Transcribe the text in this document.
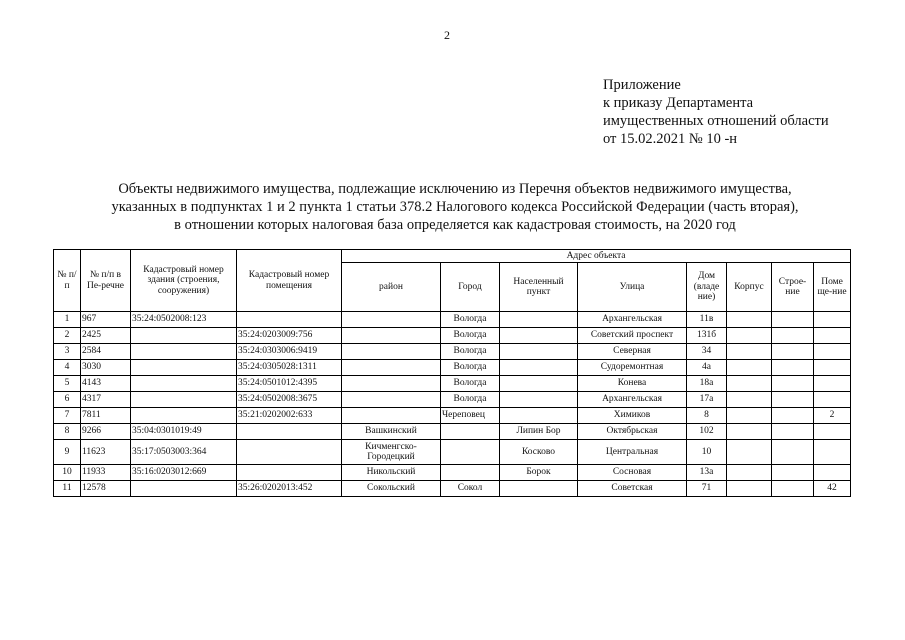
2
Приложение
к приказу Департамента
имущественных отношений области
от 15.02.2021 № 10 -н
Объекты недвижимого имущества, подлежащие исключению из Перечня объектов недвижимого имущества,
указанных в подпунктах 1 и 2 пункта 1 статьи 378.2 Налогового кодекса Российской Федерации (часть вторая),
в отношении которых налоговая база определяется как кадастровая стоимость, на 2020 год
№ п/п	№ п/п в Пе-речне	Кадастровый номер здания (строения, сооружения)	Кадастровый номер помещения	Адрес объекта							
				район	Город	Населенный пункт	Улица	Дом (владе ние)	Корпус	Строе-ние	Поме ще-ние
1	967	35:24:0502008:123			Вологда		Архангельская	11в			
2	2425		35:24:0203009:756		Вологда		Советский проспект	131б			
3	2584		35:24:0303006:9419		Вологда		Северная	34			
4	3030		35:24:0305028:1311		Вологда		Судоремонтная	4а			
5	4143		35:24:0501012:4395		Вологда		Конева	18а			
6	4317		35:24:0502008:3675		Вологда		Архангельская	17а			
7	7811		35:21:0202002:633		Череповец		Химиков	8			2
8	9266	35:04:0301019:49		Вашкинский		Липин Бор	Октябрьская	102			
9	11623	35:17:0503003:364		Кичменгско-Городецкий		Косково	Центральная	10			
10	11933	35:16:0203012:669		Никольский		Борок	Сосновая	13а			
11	12578		35:26:0202013:452	Сокольский	Сокол		Советская	71			42
